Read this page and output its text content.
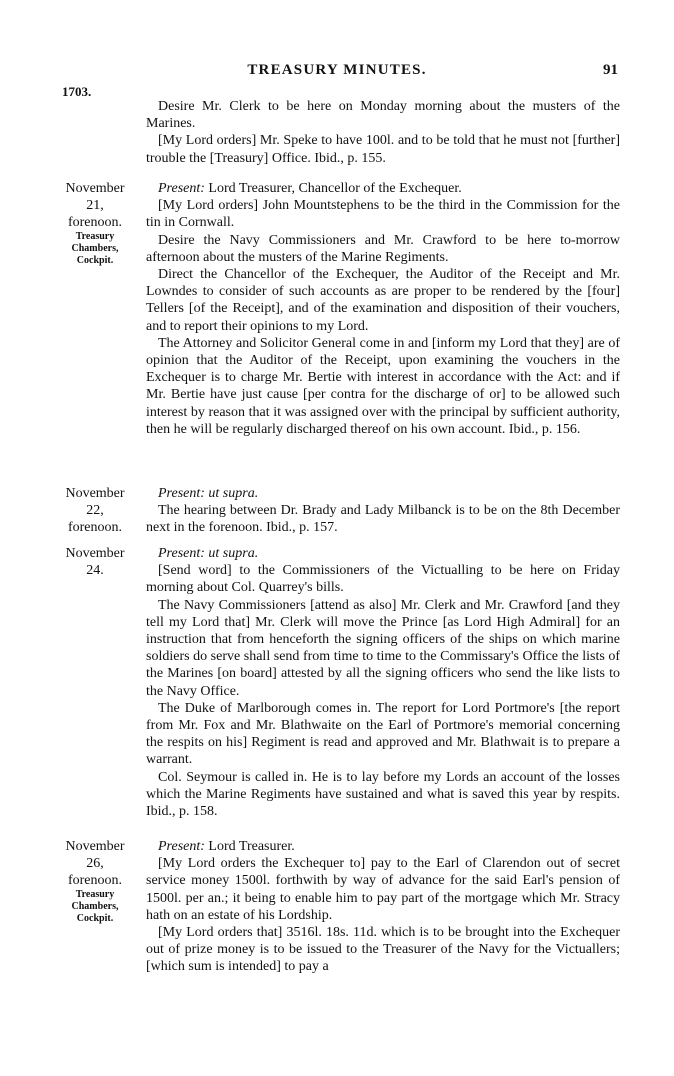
TREASURY MINUTES.	91
1703.

Desire Mr. Clerk to be here on Monday morning about the musters of the Marines.

[My Lord orders] Mr. Speke to have 100l. and to be told that he must not [further] trouble the [Treasury] Office. Ibid., p. 155.

November
21,
forenoon.
Treasury
Chambers,
Cockpit.

Present: Lord Treasurer, Chancellor of the Exchequer.

[My Lord orders] John Mountstephens to be the third in the Commission for the tin in Cornwall.

Desire the Navy Commissioners and Mr. Crawford to be here to-morrow afternoon about the musters of the Marine Regiments.

Direct the Chancellor of the Exchequer, the Auditor of the Receipt and Mr. Lowndes to consider of such accounts as are proper to be rendered by the [four] Tellers [of the Receipt], and of the examination and disposition of their vouchers, and to report their opinions to my Lord.

The Attorney and Solicitor General come in and [inform my Lord that they] are of opinion that the Auditor of the Receipt, upon examining the vouchers in the Exchequer is to charge Mr. Bertie with interest in accordance with the Act: and if Mr. Bertie have just cause [per contra for the discharge of or] to be allowed such interest by reason that it was assigned over with the principal by sufficient authority, then he will be regularly discharged thereof on his own account. Ibid., p. 156.

November
22,
forenoon.

Present: ut supra.

The hearing between Dr. Brady and Lady Milbanck is to be on the 8th December next in the forenoon. Ibid., p. 157.

November
24.

Present: ut supra.

[Send word] to the Commissioners of the Victualling to be here on Friday morning about Col. Quarrey's bills.

The Navy Commissioners [attend as also] Mr. Clerk and Mr. Crawford [and they tell my Lord that] Mr. Clerk will move the Prince [as Lord High Admiral] for an instruction that from henceforth the signing officers of the ships on which marine soldiers do serve shall send from time to time to the Commissary's Office the lists of the Marines [on board] attested by all the signing officers who send the like lists to the Navy Office.

The Duke of Marlborough comes in. The report for Lord Portmore's [the report from Mr. Fox and Mr. Blathwaite on the Earl of Portmore's memorial concerning the respits on his] Regiment is read and approved and Mr. Blathwait is to prepare a warrant.

Col. Seymour is called in. He is to lay before my Lords an account of the losses which the Marine Regiments have sustained and what is saved this year by respits. Ibid., p. 158.

November
26,
forenoon.
Treasury
Chambers,
Cockpit.

Present: Lord Treasurer.

[My Lord orders the Exchequer to] pay to the Earl of Clarendon out of secret service money 1500l. forthwith by way of advance for the said Earl's pension of 1500l. per an.; it being to enable him to pay part of the mortgage which Mr. Stracy hath on an estate of his Lordship.

[My Lord orders that] 3516l. 18s. 11d. which is to be brought into the Exchequer out of prize money is to be issued to the Treasurer of the Navy for the Victuallers; [which sum is intended] to pay a
